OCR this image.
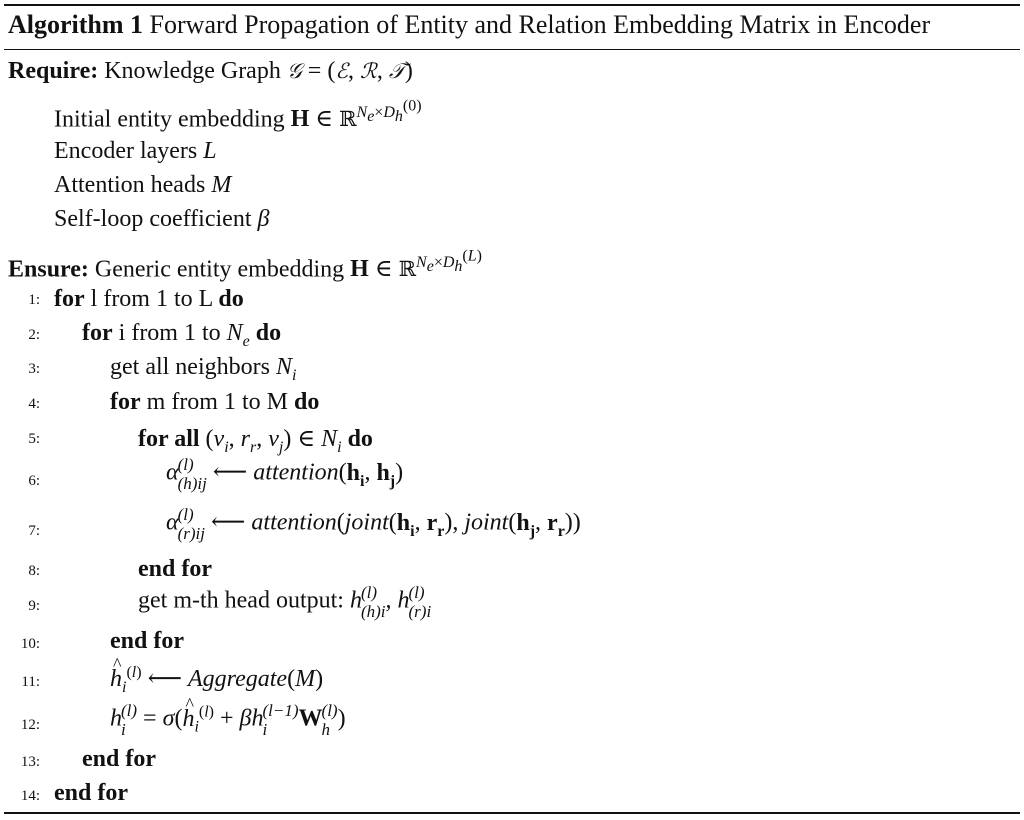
Algorithm 1 Forward Propagation of Entity and Relation Embedding Matrix in Encoder
Require: Knowledge Graph 𝒢 = (ℰ, ℛ, 𝒯)
Initial entity embedding H ∈ ℝ$^{N_e\times D_h^{(0)}}$
Encoder layers L
Attention heads M
Self-loop coefficient β
Ensure: Generic entity embedding H ∈ ℝ$^{N_e\times D_h^{(L)}}$
1:
2:
3:
4:
5:
6:
7:
8:
9:
10:
11:
12:
13:
14:
for l from 1 to L do
for i from 1 to $N_e$ do
get all neighbors $N_i$
for m from 1 to M do
for all ($v_i$, $r_r$, $v_j$) ∈ $N_i$ do
α (l)
(h)ij ⟵ $attention(h_i$, $h_j$)
α (l)
(r)ij ⟵ $attention(joint(h_i$, $r_r$), $joint(h_j$, $r_r$))
end for
get m-th head output: h (l)
(h)i , h (l)
(r)i
end for
^ $h_i^{(l)}$ ⟵ Aggregate(M)
h (l)
i = σ(^ $h_i^{(l)} + \beta h$ (l−1)
i	W (l)
h )
end for
end for
